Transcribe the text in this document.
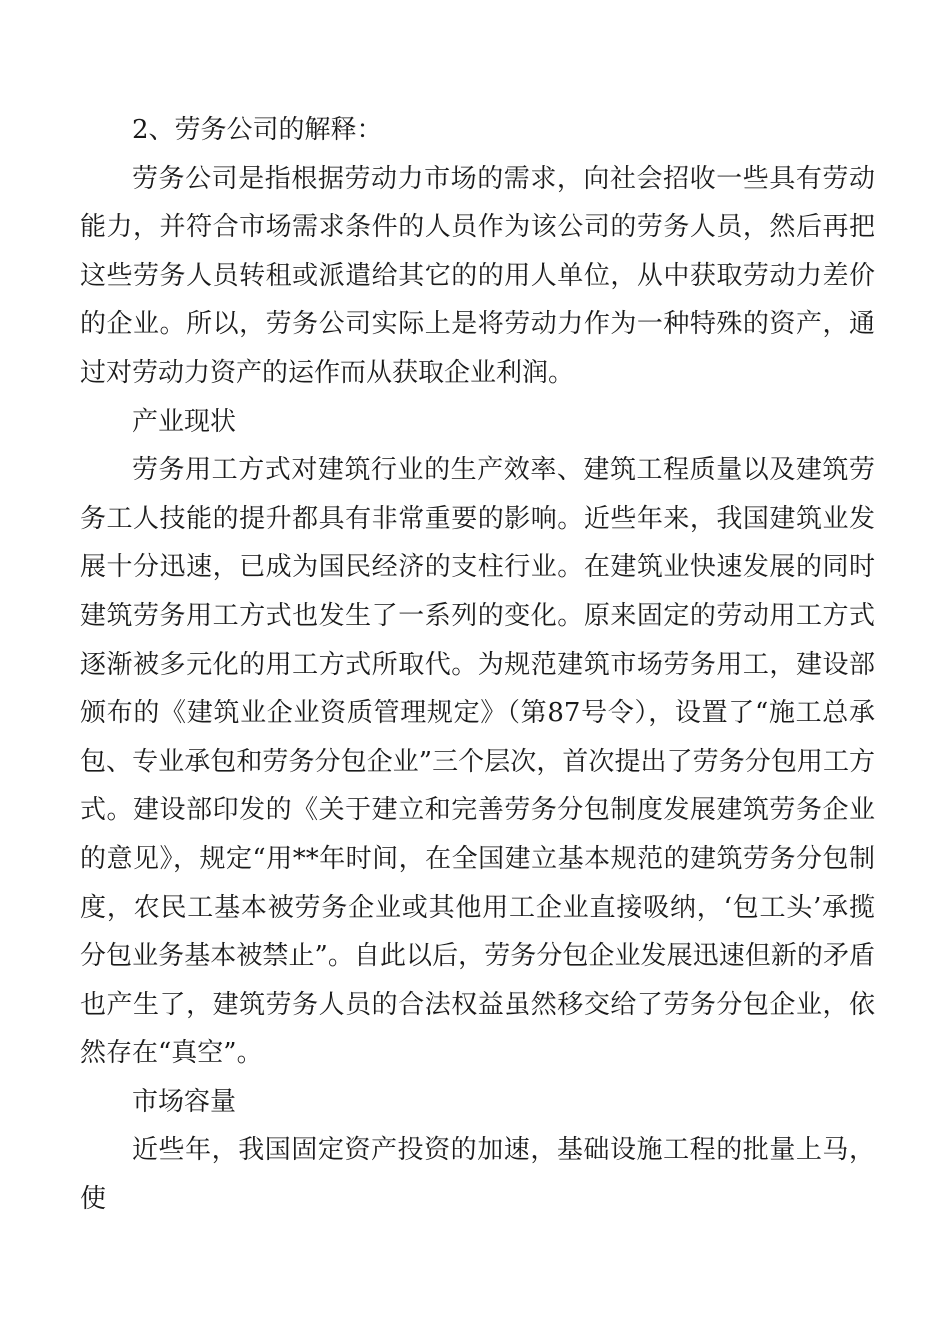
2、劳务公司的解释：

劳务公司是指根据劳动力市场的需求，向社会招收一些具有劳动能力，并符合市场需求条件的人员作为该公司的劳务人员，然后再把这些劳务人员转租或派遣给其它的的用人单位，从中获取劳动力差价的企业。所以，劳务公司实际上是将劳动力作为一种特殊的资产，通过对劳动力资产的运作而从获取企业利润。

产业现状

劳务用工方式对建筑行业的生产效率、建筑工程质量以及建筑劳务工人技能的提升都具有非常重要的影响。近些年来，我国建筑业发展十分迅速，已成为国民经济的支柱行业。在建筑业快速发展的同时建筑劳务用工方式也发生了一系列的变化。原来固定的劳动用工方式逐渐被多元化的用工方式所取代。为规范建筑市场劳务用工，建设部颁布的《建筑业企业资质管理规定》（第87号令），设置了“施工总承包、专业承包和劳务分包企业”三个层次，首次提出了劳务分包用工方式。建设部印发的《关于建立和完善劳务分包制度发展建筑劳务企业的意见》，规定“用**年时间，在全国建立基本规范的建筑劳务分包制度，农民工基本被劳务企业或其他用工企业直接吸纳，‘包工头’承揽分包业务基本被禁止”。自此以后，劳务分包企业发展迅速但新的矛盾也产生了，建筑劳务人员的合法权益虽然移交给了劳务分包企业，依然存在“真空”。

市场容量

近些年，我国固定资产投资的加速，基础设施工程的批量上马，使
